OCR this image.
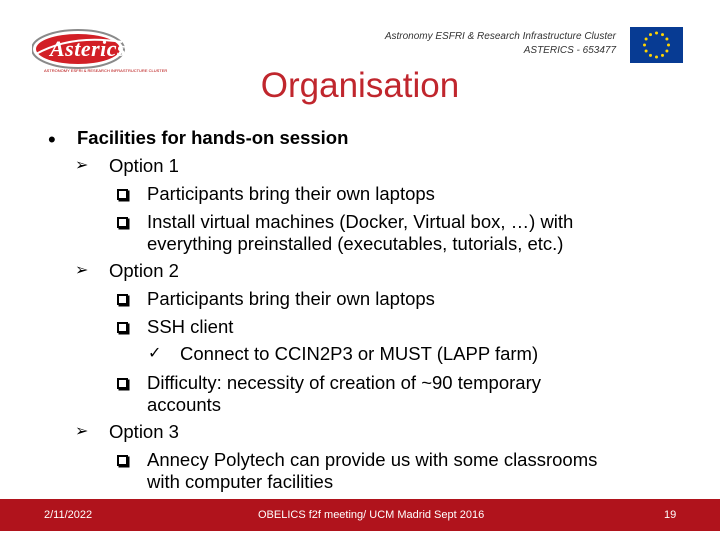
Asterics
ASTRONOMY ESFRI & RESEARCH INFRASTRUCTURE CLUSTER
Astronomy ESFRI & Research Infrastructure Cluster
ASTERICS - 653477
Organisation
• Facilities for hands-on session
➢ Option 1
Participants bring their own laptops
Install virtual machines (Docker, Virtual box, …) with
everything preinstalled (executables, tutorials, etc.)
➢ Option 2
Participants bring their own laptops
SSH client
✓ Connect to CCIN2P3 or MUST (LAPP farm)
Difficulty: necessity of creation of ~90 temporary
accounts
➢ Option 3
Annecy Polytech can provide us with some classrooms
with computer facilities
2/11/2022	OBELICS f2f meeting/ UCM Madrid Sept 2016	19
